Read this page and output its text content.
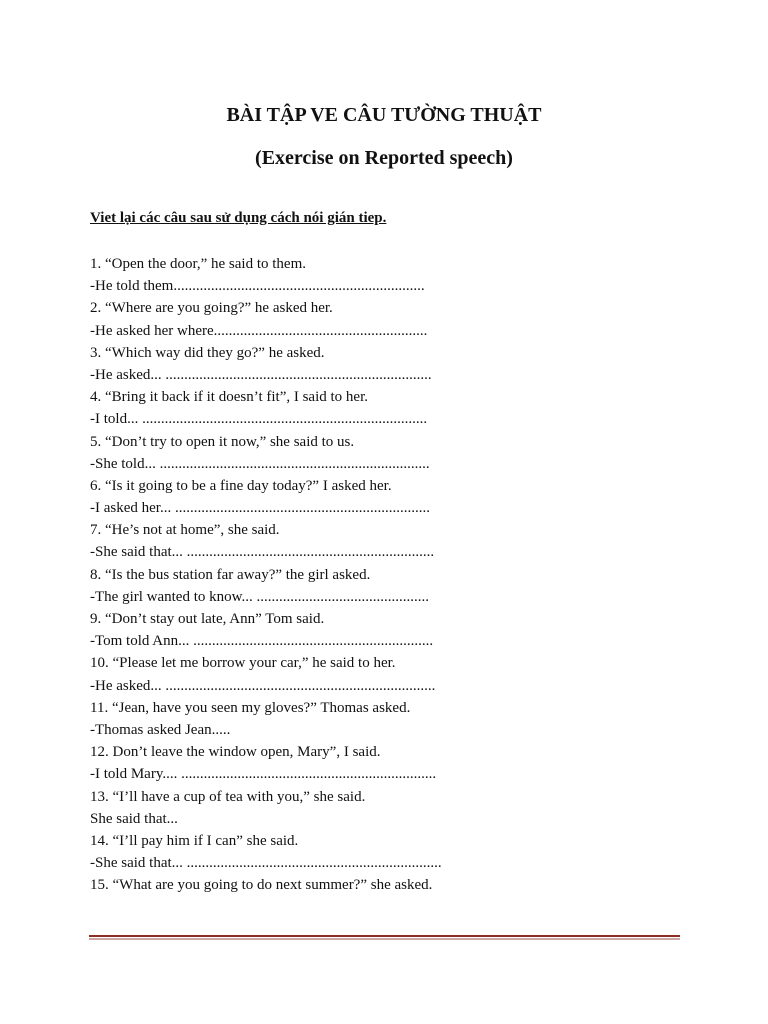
BÀI TẬP VE CÂU TƯỜNG THUẬT
(Exercise on Reported speech)
Viet lại các câu sau sử dụng cách nói gián tiep.
1. “Open the door,” he said to them.
-He told them...................................................................
2. “Where are you going?” he asked her.
-He asked her where.........................................................
3. “Which way did they go?” he asked.
-He asked... .......................................................................
4. “Bring it back if it doesn’t fit”, I said to her.
-I told... ............................................................................
5. “Don’t try to open it now,” she said to us.
-She told... ........................................................................
6. “Is it going to be a fine day today?” I asked her.
-I asked her... ....................................................................
7. “He’s not at home”, she said.
-She said that... ..................................................................
8. “Is the bus station far away?” the girl asked.
-The girl wanted to know... ..............................................
9. “Don’t stay out late, Ann” Tom said.
-Tom told Ann... ................................................................
10. “Please let me borrow your car,” he said to her.
-He asked... ........................................................................
11. “Jean, have you seen my gloves?” Thomas asked.
-Thomas asked Jean.....
12. Don’t leave the window open, Mary”, I said.
-I told Mary.... ....................................................................
13. “I’ll have a cup of tea with you,” she said.
She said that...
14. “I’ll pay him if I can” she said.
-She said that... ....................................................................
15. “What are you going to do next summer?” she asked.
